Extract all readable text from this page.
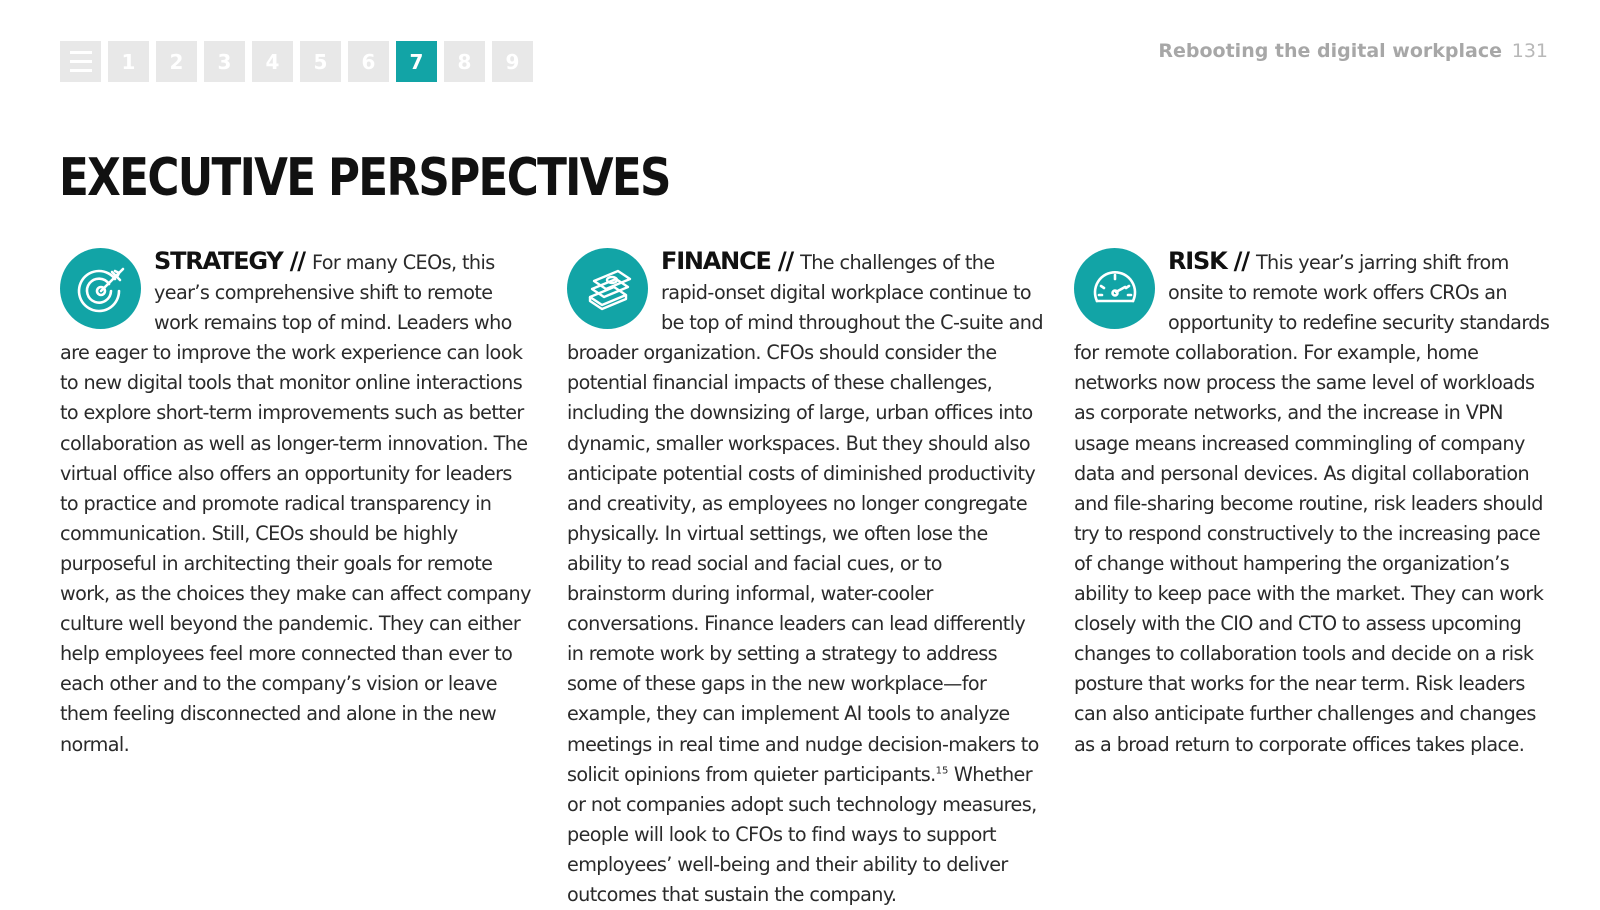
1	2	3	4	5	6	7	8	9	Rebooting the digital workplace 131
EXECUTIVE PERSPECTIVES
STRATEGY // For many CEOs, this year’s comprehensive shift to remote work remains top of mind. Leaders who are eager to improve the work experience can look to new digital tools that monitor online interactions to explore short-term improvements such as better collaboration as well as longer-term innovation. The virtual office also offers an opportunity for leaders to practice and promote radical transparency in communication. Still, CEOs should be highly purposeful in architecting their goals for remote work, as the choices they make can affect company culture well beyond the pandemic. They can either help employees feel more connected than ever to each other and to the company’s vision or leave them feeling disconnected and alone in the new normal.
FINANCE // The challenges of the rapid-onset digital workplace continue to be top of mind throughout the C-suite and broader organization. CFOs should consider the potential financial impacts of these challenges, including the downsizing of large, urban offices into dynamic, smaller workspaces. But they should also anticipate potential costs of diminished productivity and creativity, as employees no longer congregate physically. In virtual settings, we often lose the ability to read social and facial cues, or to brainstorm during informal, water-cooler conversations. Finance leaders can lead differently in remote work by setting a strategy to address some of these gaps in the new workplace—for example, they can implement AI tools to analyze meetings in real time and nudge decision-makers to solicit opinions from quieter participants.$^{15}$ Whether or not companies adopt such technology measures, people will look to CFOs to find ways to support employees’ well-being and their ability to deliver outcomes that sustain the company.
RISK // This year’s jarring shift from onsite to remote work offers CROs an opportunity to redefine security standards for remote collaboration. For example, home networks now process the same level of workloads as corporate networks, and the increase in VPN usage means increased commingling of company data and personal devices. As digital collaboration and file-sharing become routine, risk leaders should try to respond constructively to the increasing pace of change without hampering the organization’s ability to keep pace with the market. They can work closely with the CIO and CTO to assess upcoming changes to collaboration tools and decide on a risk posture that works for the near term. Risk leaders can also anticipate further challenges and changes as a broad return to corporate offices takes place.
